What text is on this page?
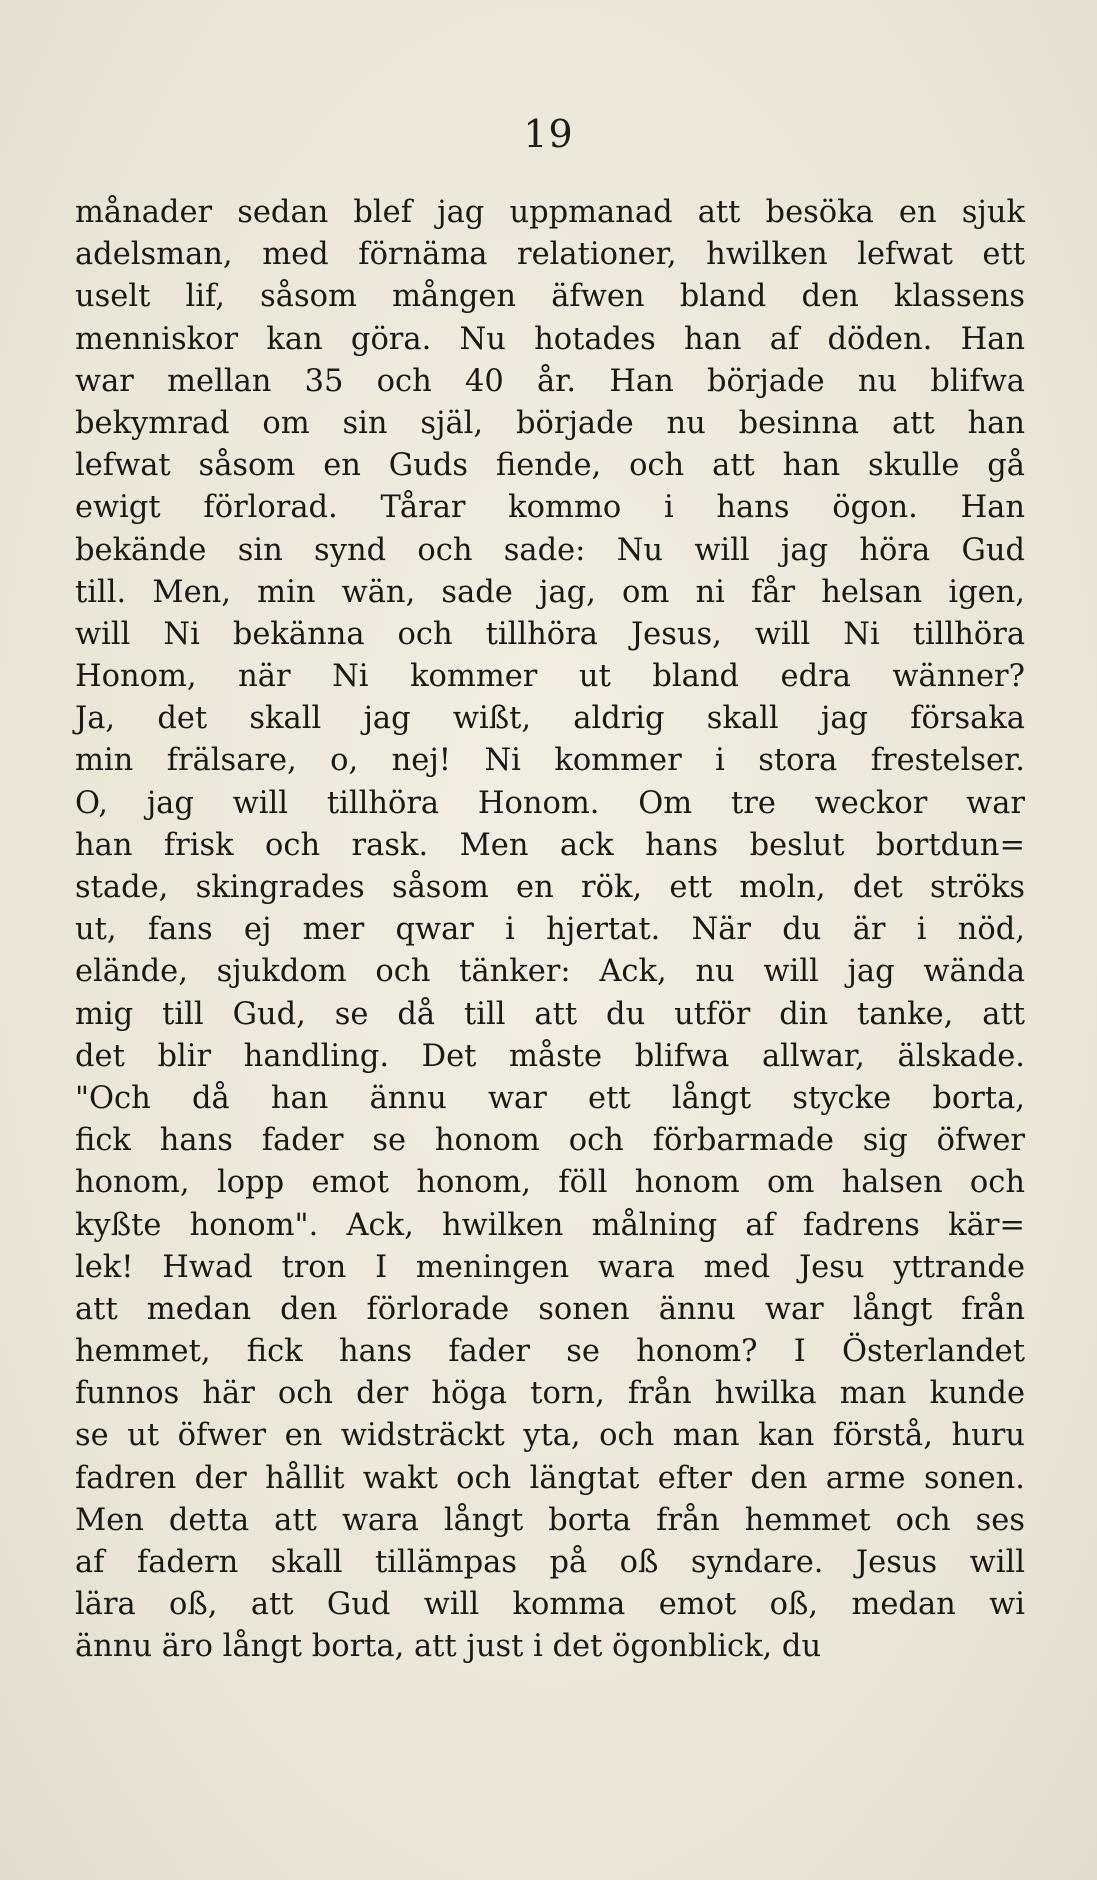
19
månader sedan blef jag uppmanad att besöka en sjuk
adelsman, med förnäma relationer, hwilken lefwat ett
uselt lif, såsom mången äfwen bland den klassens
menniskor kan göra. Nu hotades han af döden. Han
war mellan 35 och 40 år. Han började nu blifwa
bekymrad om sin själ, började nu besinna att han
lefwat såsom en Guds fiende, och att han skulle gå
ewigt förlorad. Tårar kommo i hans ögon. Han
bekände sin synd och sade: Nu will jag höra Gud
till. Men, min wän, sade jag, om ni får helsan igen,
will Ni bekänna och tillhöra Jesus, will Ni tillhöra
Honom, när Ni kommer ut bland edra wänner?
Ja, det skall jag wißt, aldrig skall jag försaka
min frälsare, o, nej! Ni kommer i stora frestelser.
O, jag will tillhöra Honom. Om tre weckor war
han frisk och rask. Men ack hans beslut bortdun=
stade, skingrades såsom en rök, ett moln, det ströks
ut, fans ej mer qwar i hjertat. När du är i nöd,
elände, sjukdom och tänker: Ack, nu will jag wända
mig till Gud, se då till att du utför din tanke, att
det blir handling. Det måste blifwa allwar, älskade.
"Och då han ännu war ett långt stycke borta,
fick hans fader se honom och förbarmade sig öfwer
honom, lopp emot honom, föll honom om halsen och
kyßte honom". Ack, hwilken målning af fadrens kär=
lek! Hwad tron I meningen wara med Jesu yttrande
att medan den förlorade sonen ännu war långt från
hemmet, fick hans fader se honom? I Österlandet
funnos här och der höga torn, från hwilka man kunde
se ut öfwer en widsträckt yta, och man kan förstå, huru
fadren der hållit wakt och längtat efter den arme sonen.
Men detta att wara långt borta från hemmet och ses
af fadern skall tillämpas på oß syndare. Jesus will
lära oß, att Gud will komma emot oß, medan wi
ännu äro långt borta, att just i det ögonblick, du
